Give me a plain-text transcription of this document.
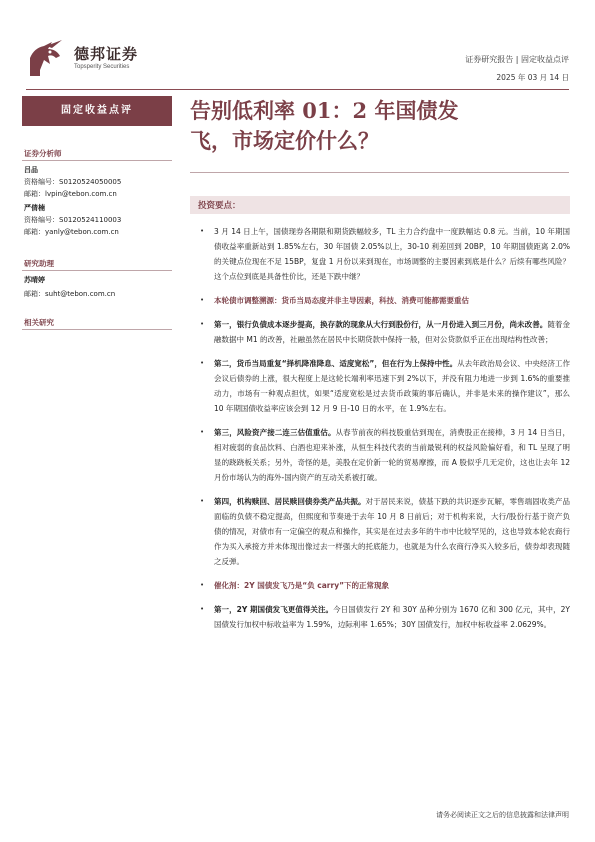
德邦证券
Topsperity Securities
证券研究报告 | 固定收益点评
2025 年 03 月 14 日
固定收益点评	告别低利率 01：2 年国债发
飞，市场定价什么？
证券分析师
吕品
资格编号：S0120524050005
邮箱：lvpin@tebon.com.cn
严倩楠
资格编号：S0120524110003
邮箱：yanly@tebon.com.cn
研究助理
苏晴婷
邮箱：suht@tebon.com.cn
相关研究
投资要点：
• 3 月 14 日上午，国债现券各期限和期货跌幅较多，TL 主力合约盘中一度跌幅达 0.8 元。当前，10 年期国债收益率重新站到 1.85%左右，30 年国债 2.05%以上，30-10 利差回到 20BP，10 年期国债距离 2.0%的关键点位现在不足 15BP，复盘 1 月份以来到现在，市场调整的主要因素到底是什么？后续有哪些风险？这个点位到底是具备性价比，还是下跌中继？
• 本轮债市调整溯源：货币当局态度并非主导因素，科技、消费可能都需要重估
• 第一，银行负债成本逐步提高，换存款的现象从大行到股份行，从一月份进入到三月份，尚未改善。随着金融数据中 M1 的改善，社融虽然在居民中长期贷款中保持一般，但对公贷款似乎正在出现结构性改善；
• 第二，货币当局重复“择机降准降息、适度宽松”，但在行为上保持中性。从去年政治局会议、中央经济工作会议后债券的上涨，很大程度上是这轮长端利率迅速下到 2%以下，并没有阻力地进一步到 1.6%的重要推动力，市场有一种观点担忧，如果“适度宽松是过去货币政策的事后确认，并非是未来的操作建议”，那么 10 年期国债收益率应该会到 12 月 9 日-10 日的水平，在 1.9%左右。
• 第三，风险资产接二连三估值重估。从春节前夜的科技股重估到现在，消费股正在接棒，3 月 14 日当日，相对疲弱的食品饮料、白酒也迎来补涨，从恒生科技代表的当前最锐利的权益风险偏好看，和 TL 呈现了明显的跷跷板关系；另外，奇怪的是，美股在定价新一轮的贸易摩擦，而 A 股似乎几无定价，这也让去年 12 月份市场认为的海外-国内资产的互动关系被打破。
• 第四，机构赎回、居民赎回债券类产品共振。对于居民来说，债基下跌的共识逐步瓦解，零售端固收类产品面临的负债不稳定提高，但熙度和节奏逊于去年 10 月 8 日前后；对于机构来说，大行/股份行基于资产负债的情况，对债市有一定偏空的观点和操作，其实是在过去多年的牛市中比较罕见的，这也导致本轮农商行作为买入承接方并未体现出像过去一样强大的托底能力，也就是为什么农商行净买入较多后，债券却表现随之反弹。
• 催化剂：2Y 国债发飞乃是“负 carry”下的正常现象
• 第一，2Y 期国债发飞更值得关注。今日国债发行 2Y 和 30Y 品种分别为 1670 亿和 300 亿元，其中，2Y 国债发行加权中标收益率为 1.59%，边际利率 1.65%；30Y 国债发行，加权中标收益率 2.0629%。
请务必阅读正文之后的信息披露和法律声明
